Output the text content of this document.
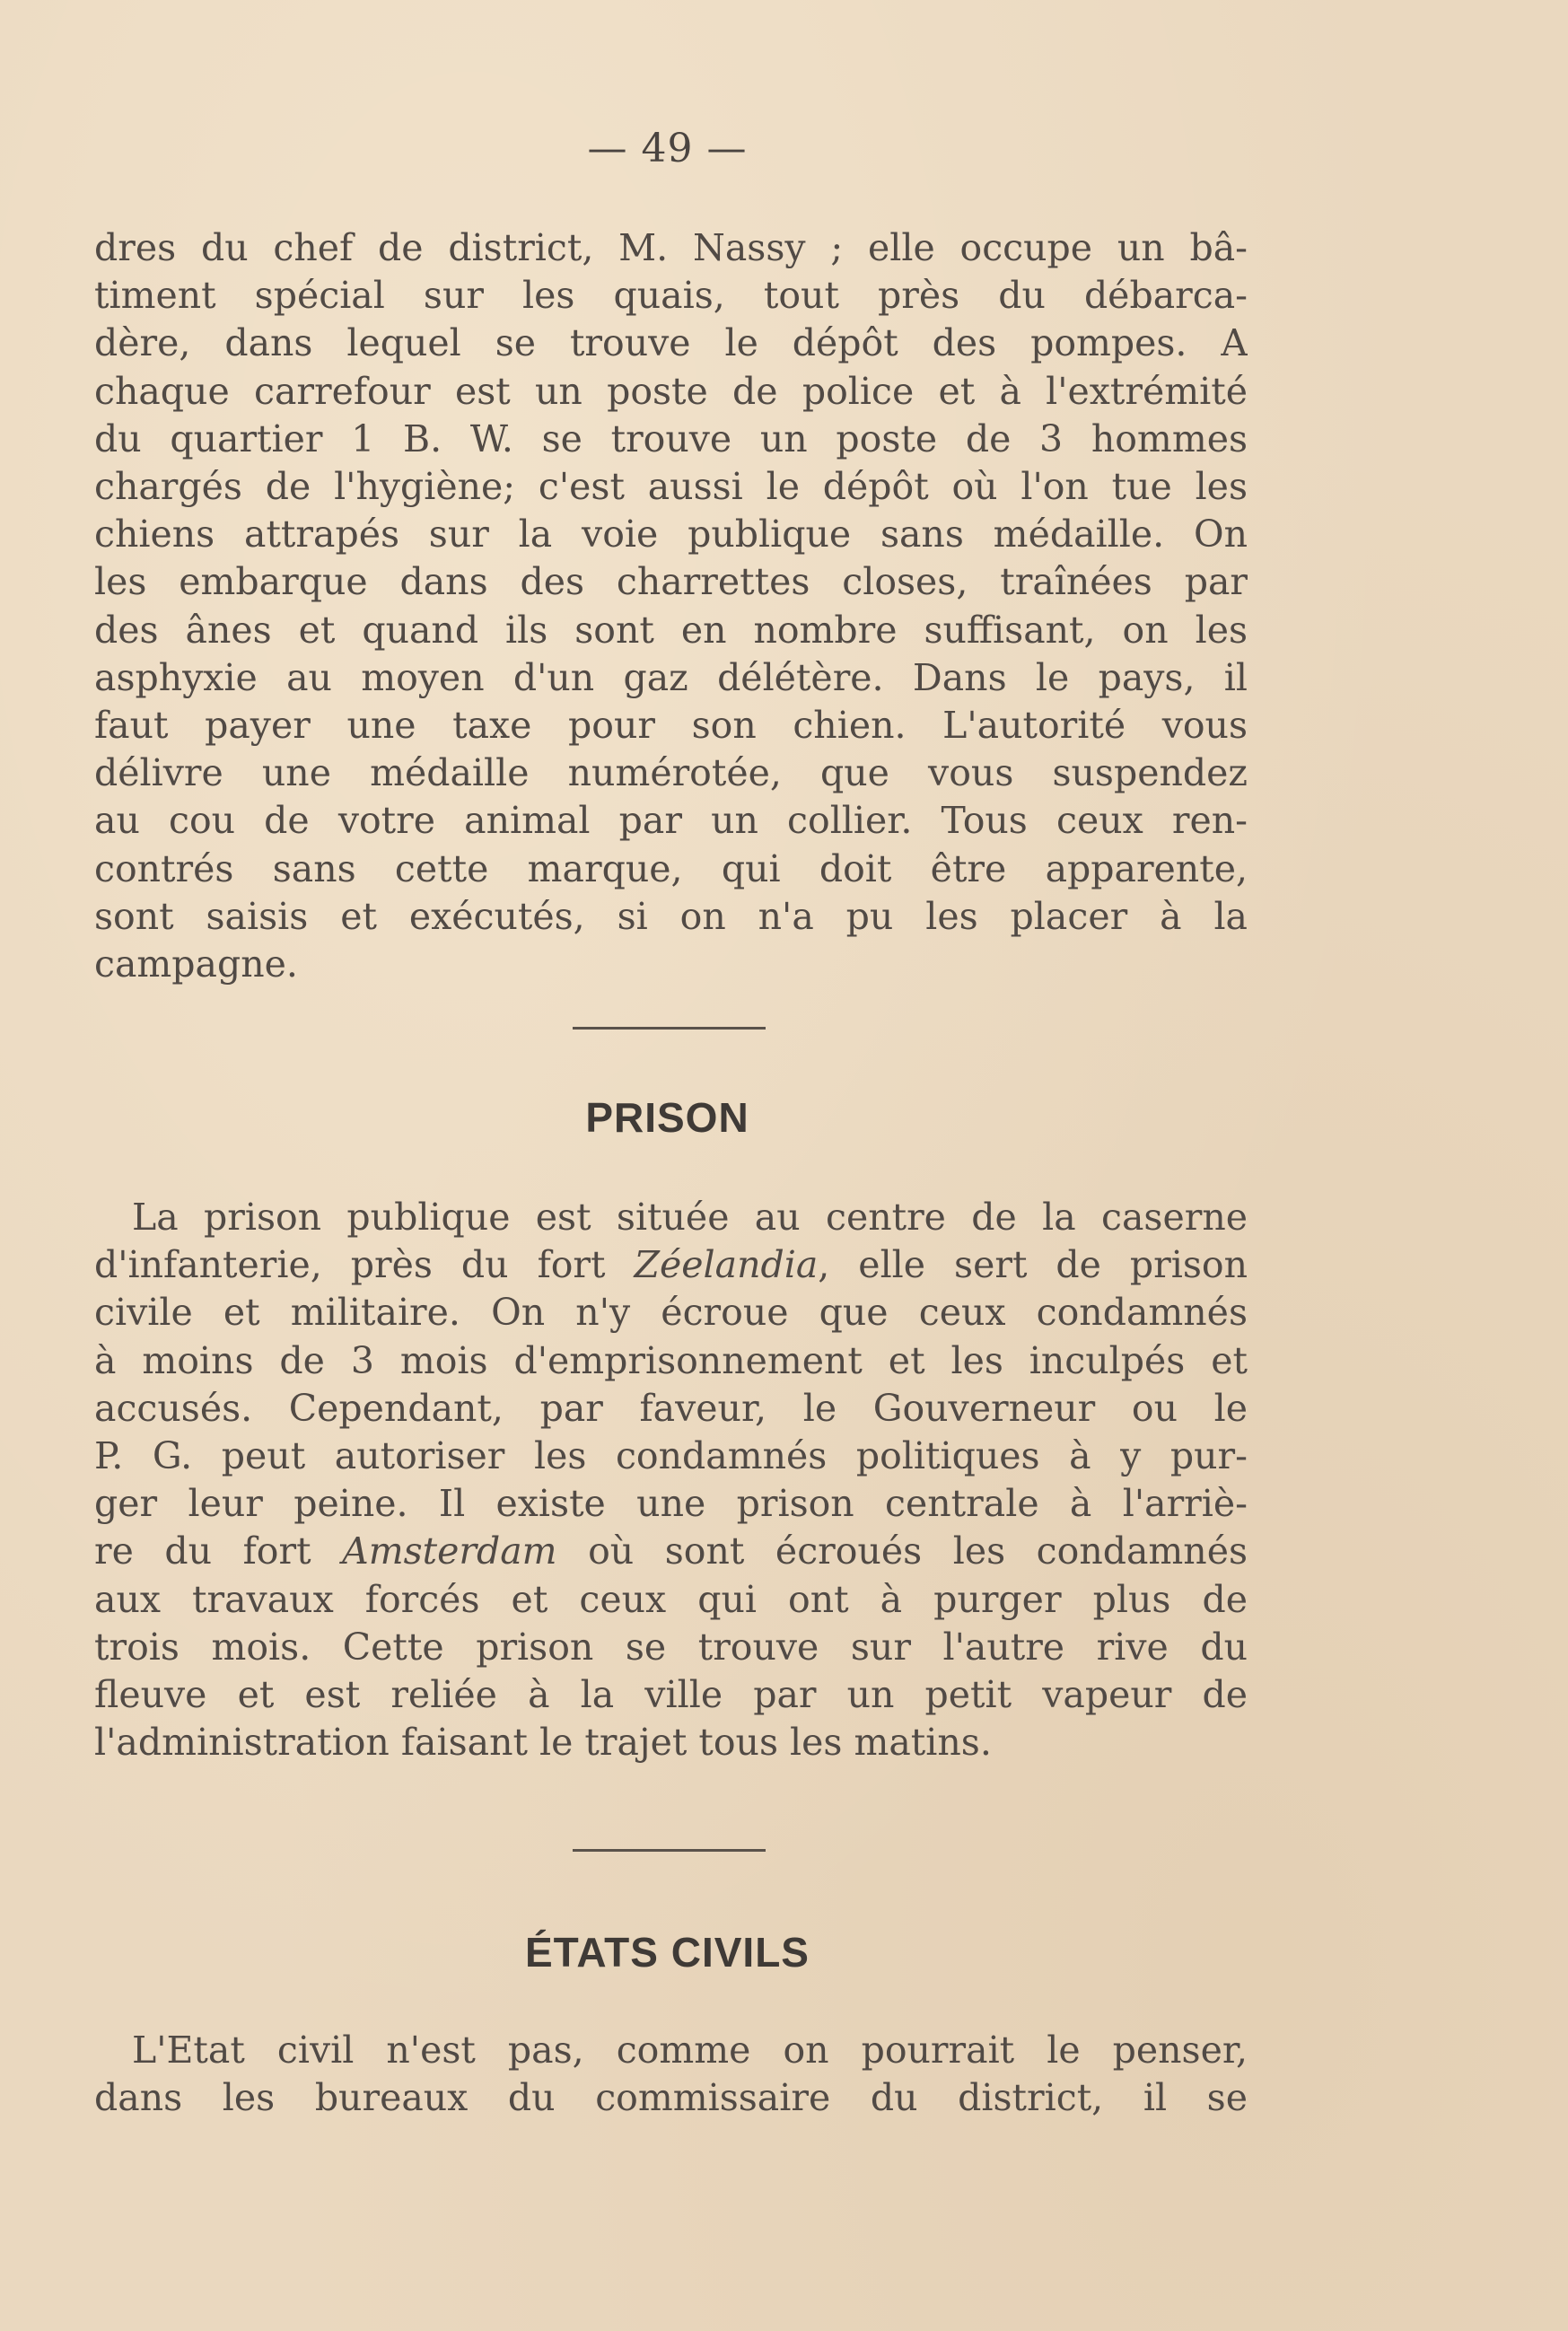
— 49 —
dres du chef de district, M. Nassy ; elle occupe un bâ-
timent spécial sur les quais, tout près du débarca-
dère, dans lequel se trouve le dépôt des pompes. A
chaque carrefour est un poste de police et à l'extrémité
du quartier 1 B. W. se trouve un poste de 3 hommes
chargés de l'hygiène; c'est aussi le dépôt où l'on tue les
chiens attrapés sur la voie publique sans médaille. On
les embarque dans des charrettes closes, traînées par
des ânes et quand ils sont en nombre suffisant, on les
asphyxie au moyen d'un gaz délétère. Dans le pays, il
faut payer une taxe pour son chien. L'autorité vous
délivre une médaille numérotée, que vous suspendez
au cou de votre animal par un collier. Tous ceux ren-
contrés sans cette marque, qui doit être apparente,
sont saisis et exécutés, si on n'a pu les placer à la
campagne.
PRISON
La prison publique est située au centre de la caserne
d'infanterie, près du fort Zéelandia, elle sert de prison
civile et militaire. On n'y écroue que ceux condamnés
à moins de 3 mois d'emprisonnement et les inculpés et
accusés. Cependant, par faveur, le Gouverneur ou le
P. G. peut autoriser les condamnés politiques à y pur-
ger leur peine. Il existe une prison centrale à l'arriè-
re du fort Amsterdam où sont écroués les condamnés
aux travaux forcés et ceux qui ont à purger plus de
trois mois. Cette prison se trouve sur l'autre rive du
fleuve et est reliée à la ville par un petit vapeur de
l'administration faisant le trajet tous les matins.
ÉTATS CIVILS
L'Etat civil n'est pas, comme on pourrait le penser,
dans les bureaux du commissaire du district, il se
